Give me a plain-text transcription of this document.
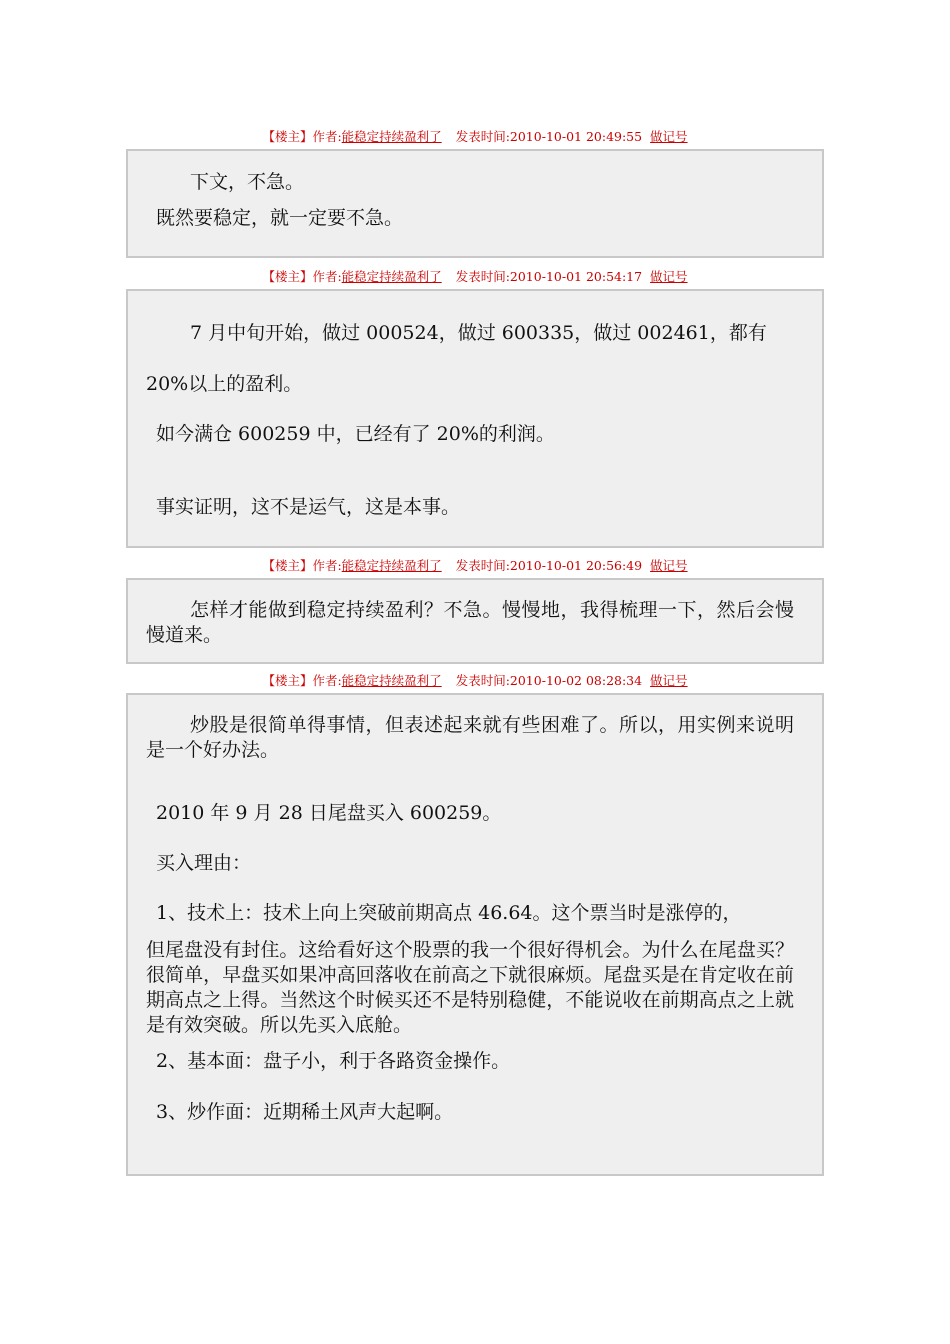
【楼主】作者:能稳定持续盈利了 发表时间:2010-10-01 20:49:55 做记号
下文，不急。
既然要稳定，就一定要不急。
【楼主】作者:能稳定持续盈利了 发表时间:2010-10-01 20:54:17 做记号
7 月中旬开始，做过 000524，做过 600335，做过 002461，都有
20%以上的盈利。
如今满仓 600259 中，已经有了 20%的利润。
事实证明，这不是运气，这是本事。
【楼主】作者:能稳定持续盈利了 发表时间:2010-10-01 20:56:49 做记号
怎样才能做到稳定持续盈利？不急。慢慢地，我得梳理一下，然后会慢慢道来。
【楼主】作者:能稳定持续盈利了 发表时间:2010-10-02 08:28:34 做记号
炒股是很简单得事情，但表述起来就有些困难了。所以，用实例来说明是一个好办法。
2010 年 9 月 28 日尾盘买入 600259。
买入理由：
1、技术上：技术上向上突破前期高点 46.64。这个票当时是涨停的，
但尾盘没有封住。这给看好这个股票的我一个很好得机会。为什么在尾盘买？很简单，早盘买如果冲高回落收在前高之下就很麻烦。尾盘买是在肯定收在前期高点之上得。当然这个时候买还不是特别稳健，不能说收在前期高点之上就是有效突破。所以先买入底舱。
2、基本面：盘子小，利于各路资金操作。
3、炒作面：近期稀土风声大起啊。
